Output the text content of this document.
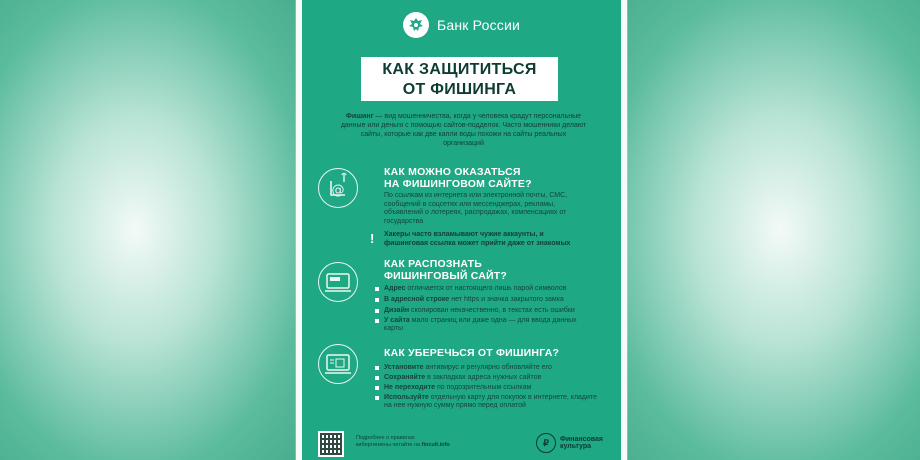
Банк России
КАК ЗАЩИТИТЬСЯ
ОТ ФИШИНГА
Фишинг — вид мошенничества, когда у человека крадут персональные данные или деньги с помощью сайтов-подделок. Часто мошенники делают сайты, которые как две капли воды похожи на сайты реальных организаций
@
КАК МОЖНО ОКАЗАТЬСЯ
НА ФИШИНГОВОМ САЙТЕ?
По ссылкам из интернета или электронной почты, СМС, сообщений в соцсетях или мессенджерах, рекламы, объявлений о лотереях, распродажах, компенсациях от государства
! Хакеры часто взламывают чужие аккаунты, и фишинговая ссылка может прийти даже от знакомых
КАК РАСПОЗНАТЬ
ФИШИНГОВЫЙ САЙТ?
Адрес отличается от настоящего лишь парой символов
В адресной строке нет https и значка закрытого замка
Дизайн скопирован некачественно, в текстах есть ошибки
У сайта мало страниц или даже одна — для ввода данных карты
КАК УБЕРЕЧЬСЯ ОТ ФИШИНГА?
Установите антивирус и регулярно обновляйте его
Сохраняйте в закладках адреса нужных сайтов
Не переходите по подозрительным ссылкам
Используйте отдельную карту для покупок в интернете, кладите на нее нужную сумму прямо перед оплатой
Подробнее о правилах
кибергигиены читайте на fincult.info	₽	Финансовая
культура
